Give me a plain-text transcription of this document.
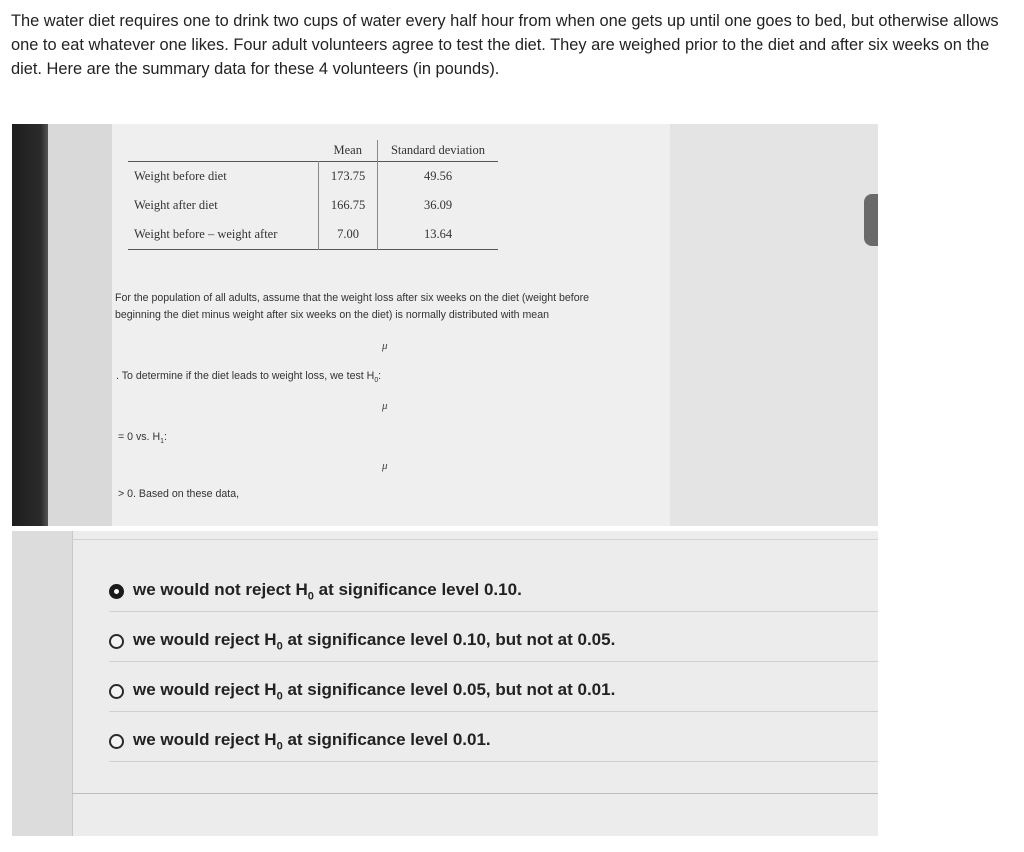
The water diet requires one to drink two cups of water every half hour from when one gets up until one goes to bed, but otherwise allows one to eat whatever one likes. Four adult volunteers agree to test the diet. They are weighed prior to the diet and after six weeks on the diet. Here are the summary data for these 4 volunteers (in pounds).
	Mean	Standard deviation
Weight before diet	173.75	49.56
Weight after diet	166.75	36.09
Weight before – weight after	7.00	13.64
For the population of all adults, assume that the weight loss after six weeks on the diet (weight before
beginning the diet minus weight after six weeks on the diet) is normally distributed with mean
μ
. To determine if the diet leads to weight loss, we test $H_0$:
μ
= 0 vs. $H_1$:
μ
> 0. Based on these data,
we would not reject $H_0$ at significance level 0.10.
we would reject $H_0$ at significance level 0.10, but not at 0.05.
we would reject $H_0$ at significance level 0.05, but not at 0.01.
we would reject $H_0$ at significance level 0.01.
